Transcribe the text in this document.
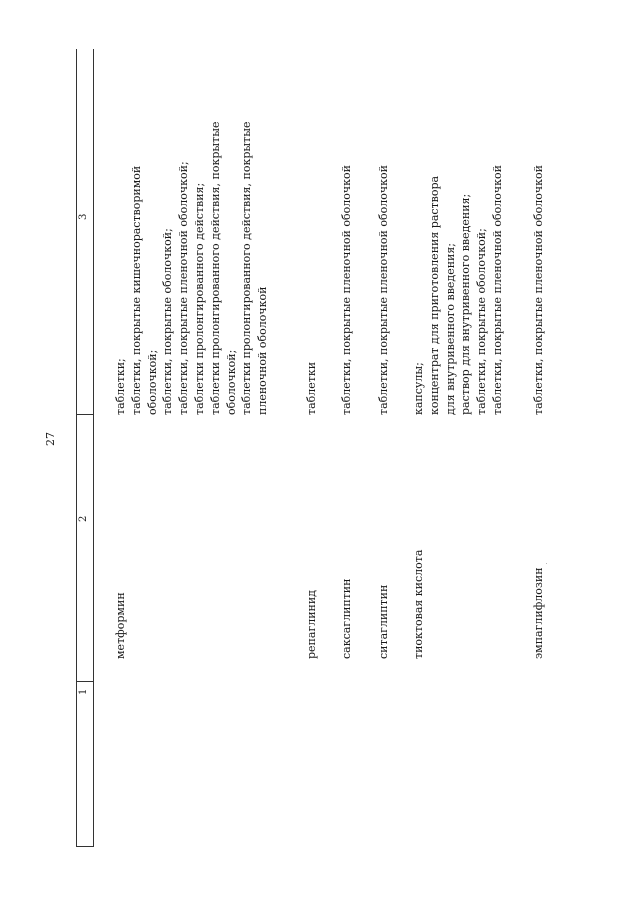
27
1
2
3
метформин
таблетки; таблетки, покрытые кишечнорастворимой оболочкой; таблетки, покрытые оболочкой; таблетки, покрытые пленочной оболочкой; таблетки пролонгированного действия; таблетки пролонгированного действия, покрытые оболочкой; таблетки пролонгированного действия, покрытые пленочной оболочкой
репаглинид
таблетки
саксаглиптин
таблетки, покрытые пленочной оболочкой
ситаглиптин
таблетки, покрытые пленочной оболочкой
тиоктовая кислота
капсулы; концентрат для приготовления раствора для внутривенного введения; раствор для внутривенного введения; таблетки, покрытые оболочкой; таблетки, покрытые пленочной оболочкой
эмпаглифлозин
таблетки, покрытые пленочной оболочкой
